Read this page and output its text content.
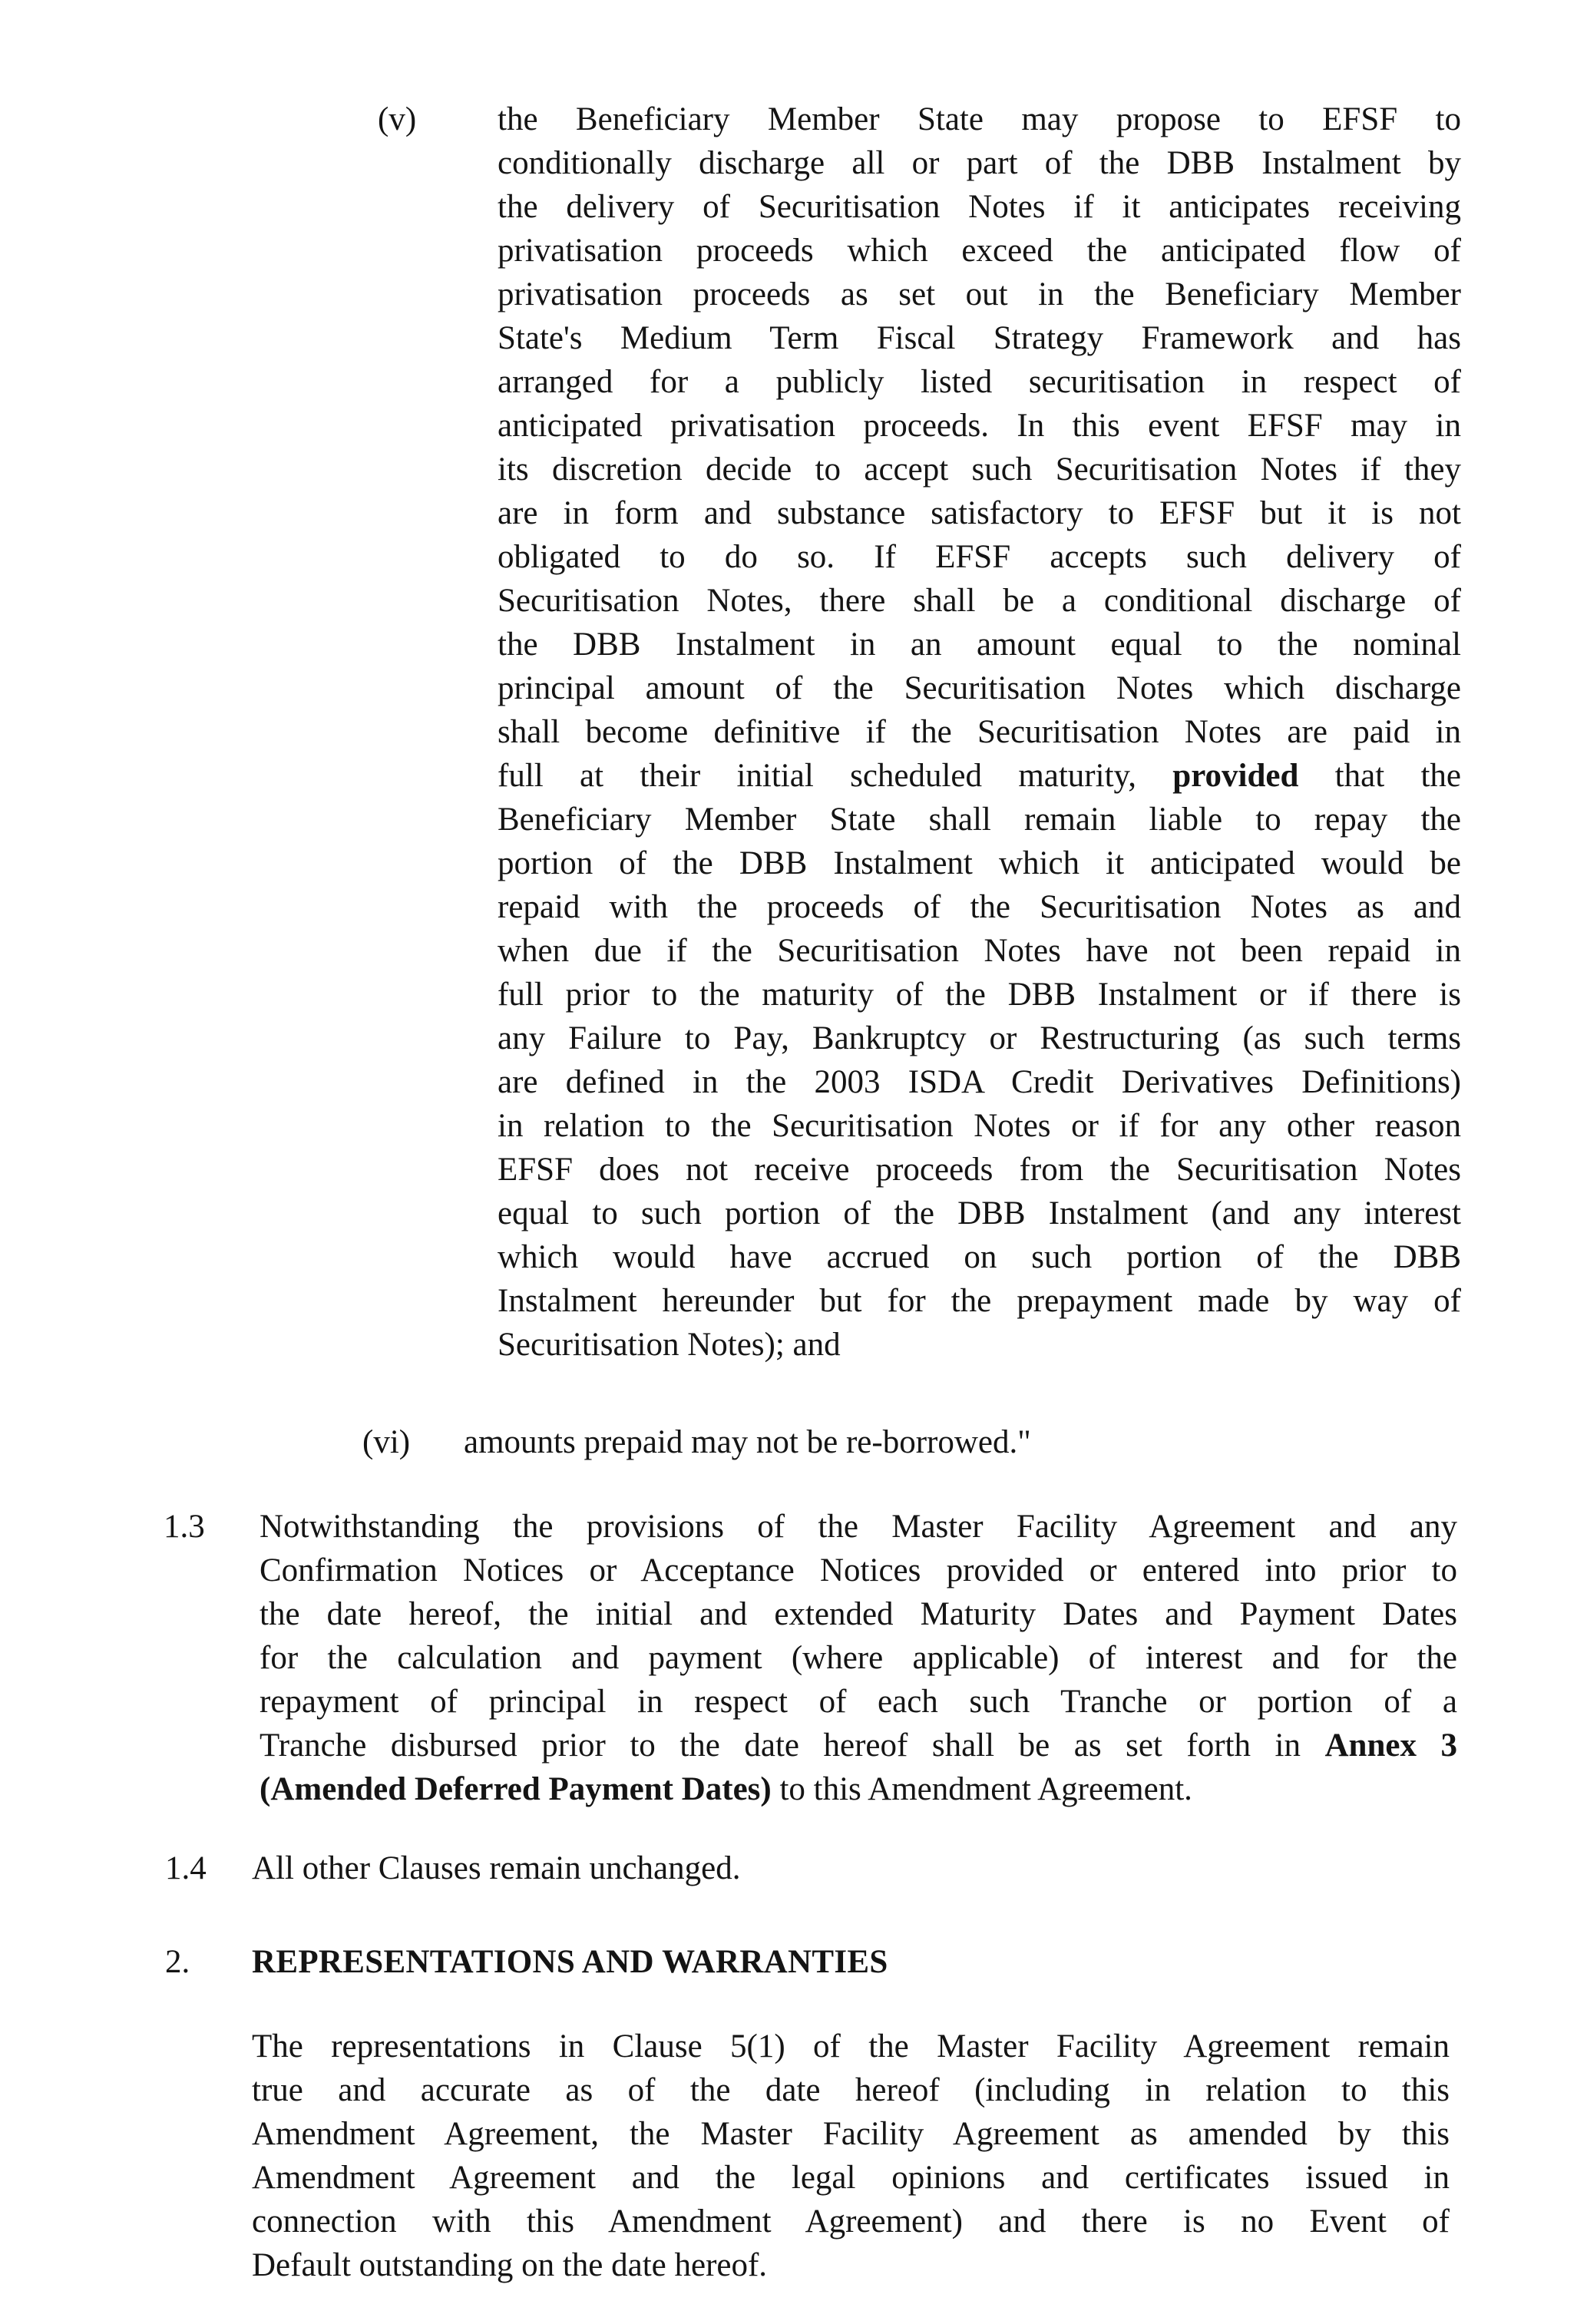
(v) the Beneficiary Member State may propose to EFSF to
conditionally discharge all or part of the DBB Instalment by
the delivery of Securitisation Notes if it anticipates receiving
privatisation proceeds which exceed the anticipated flow of
privatisation proceeds as set out in the Beneficiary Member
State's Medium Term Fiscal Strategy Framework and has
arranged for a publicly listed securitisation in respect of
anticipated privatisation proceeds. In this event EFSF may in
its discretion decide to accept such Securitisation Notes if they
are in form and substance satisfactory to EFSF but it is not
obligated to do so. If EFSF accepts such delivery of
Securitisation Notes, there shall be a conditional discharge of
the DBB Instalment in an amount equal to the nominal
principal amount of the Securitisation Notes which discharge
shall become definitive if the Securitisation Notes are paid in
full at their initial scheduled maturity, provided that the
Beneficiary Member State shall remain liable to repay the
portion of the DBB Instalment which it anticipated would be
repaid with the proceeds of the Securitisation Notes as and
when due if the Securitisation Notes have not been repaid in
full prior to the maturity of the DBB Instalment or if there is
any Failure to Pay, Bankruptcy or Restructuring (as such terms
are defined in the 2003 ISDA Credit Derivatives Definitions)
in relation to the Securitisation Notes or if for any other reason
EFSF does not receive proceeds from the Securitisation Notes
equal to such portion of the DBB Instalment (and any interest
which would have accrued on such portion of the DBB
Instalment hereunder but for the prepayment made by way of
Securitisation Notes); and
(vi) amounts prepaid may not be re-borrowed."
1.3 Notwithstanding the provisions of the Master Facility Agreement and any
Confirmation Notices or Acceptance Notices provided or entered into prior to
the date hereof, the initial and extended Maturity Dates and Payment Dates
for the calculation and payment (where applicable) of interest and for the
repayment of principal in respect of each such Tranche or portion of a
Tranche disbursed prior to the date hereof shall be as set forth in Annex 3
(Amended Deferred Payment Dates) to this Amendment Agreement.
1.4 All other Clauses remain unchanged.
2. REPRESENTATIONS AND WARRANTIES
The representations in Clause 5(1) of the Master Facility Agreement remain
true and accurate as of the date hereof (including in relation to this
Amendment Agreement, the Master Facility Agreement as amended by this
Amendment Agreement and the legal opinions and certificates issued in
connection with this Amendment Agreement) and there is no Event of
Default outstanding on the date hereof.
